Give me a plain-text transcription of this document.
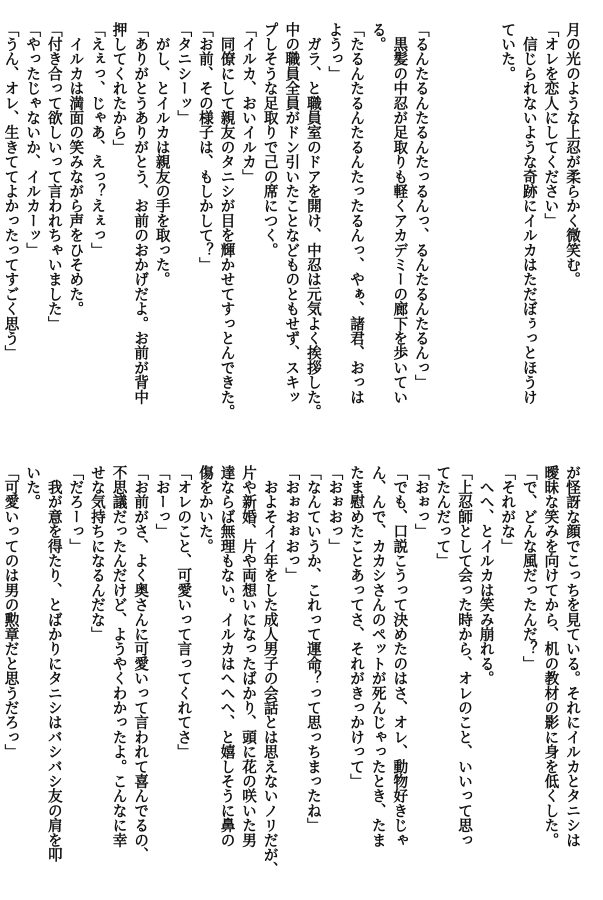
月の光のような上忍が柔らかく微笑む。
「オレを恋人にしてください」
　信じられないような奇跡にイルカはただぼぅっとほうけ
ていた。

「るんたるんたるんたっるんっ、るんたるんたるんっ」
　黒髪の中忍が足取りも軽くアカデミーの廊下を歩いてい
る。
「たるんたるんたるんたったるんっ、やぁ、諸君、おっは
ようっ」
　ガラ、と職員室のドアを開け、中忍は元気よく挨拶した。
中の職員全員がドン引いたことなどものともせず、スキッ
プしそうな足取りで己の席につく。
「イルカ、おいイルカ」
　同僚にして親友のタニシが目を輝かせてすっとんできた。
「お前、その様子は、もしかして？」
「タニシーッ」
　がし、とイルカは親友の手を取った。
「ありがとうありがとう、お前のおかげだよ。お前が背中
押してくれたから」
「えぇっ、じゃあ、えっ？えぇっ」
　イルカは満面の笑みながら声をひそめた。
「付き合って欲しいって言われちゃいました」
「やったじゃないか、イルカーッ」
「うん、オレ、生きててよかったってすごく思う」
が怪訝な顔でこっちを見ている。それにイルカとタニシは
曖昧な笑みを向けてから、机の教材の影に身を低くした。
「で、どんな風だったんだ？」
「それがな」
　へへ、とイルカは笑み崩れる。
「上忍師として会った時から、オレのこと、いいって思っ
てたんだって」
「おぉっ」
「でも、口説こうって決めたのはさ、オレ、動物好きじゃ
ん、んで、カカシさんのペットが死んじゃったとき、たま
たま慰めたことあってさ、それがきっかけって」
「おぉおっ」
「なんていうか、これって運命？って思っちまったね」
「おぉおぉおっ」
　およそイイ年をした成人男子の会話とは思えないノリだが、
片や新婚、片や両想いになったばかり、頭に花の咲いた男
達ならば無理もない。イルカはへへへ、と嬉しそうに鼻の
傷をかいた。
「オレのこと、可愛いって言ってくれてさ」
「おーっ」
「お前がさ、よく奥さんに可愛いって言われて喜んでるの、
不思議だったんだけど、ようやくわかったよ。こんなに幸
せな気持ちになるんだな」
「だろーっ」
　我が意を得たり、とばかりにタニシはバシバシ友の肩を叩
いた。
「可愛いってのは男の勲章だと思うだろっ」
